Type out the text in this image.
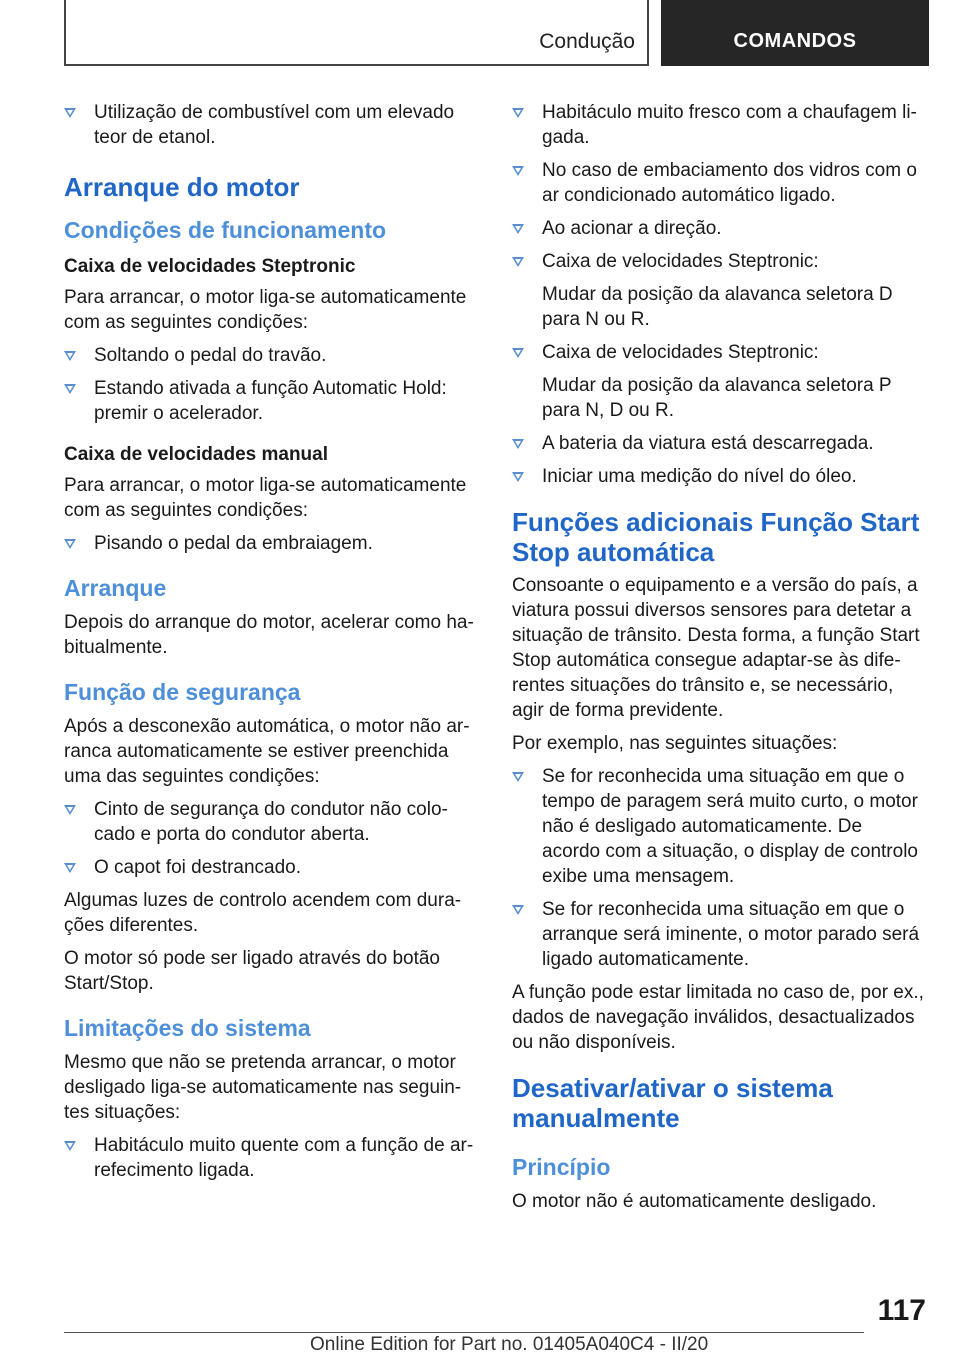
Condução	COMANDOS
Utilização de combustível com um elevado teor de etanol.
Arranque do motor
Condições de funcionamento
Caixa de velocidades Steptronic

Para arrancar, o motor liga-se automaticamente com as seguintes condições:

Soltando o pedal do travão.
Estando ativada a função Automatic Hold: premir o acelerador.
Caixa de velocidades manual

Para arrancar, o motor liga-se automaticamente com as seguintes condições:

Pisando o pedal da embraiagem.
Arranque

Depois do arranque do motor, acelerar como ha-bitualmente.

Função de segurança

Após a desconexão automática, o motor não ar-ranca automaticamente se estiver preenchida uma das seguintes condições:

Cinto de segurança do condutor não colo-cado e porta do condutor aberta.
O capot foi destrancado.

Algumas luzes de controlo acendem com dura-ções diferentes.

O motor só pode ser ligado através do botão Start/Stop.

Limitações do sistema

Mesmo que não se pretenda arrancar, o motor desligado liga-se automaticamente nas seguin-tes situações:

Habitáculo muito quente com a função de ar-refecimento ligada.
Habitáculo muito fresco com a chaufagem li-gada.
No caso de embaciamento dos vidros com o ar condicionado automático ligado.
Ao acionar a direção.
Caixa de velocidades Steptronic:
Mudar da posição da alavanca seletora D para N ou R.
Caixa de velocidades Steptronic:
Mudar da posição da alavanca seletora P para N, D ou R.
A bateria da viatura está descarregada.
Iniciar uma medição do nível do óleo.
Funções adicionais Função Start Stop automática

Consoante o equipamento e a versão do país, a viatura possui diversos sensores para detetar a situação de trânsito. Desta forma, a função Start Stop automática consegue adaptar-se às dife-rentes situações do trânsito e, se necessário, agir de forma previdente.

Por exemplo, nas seguintes situações:

Se for reconhecida uma situação em que o tempo de paragem será muito curto, o motor não é desligado automaticamente. De acordo com a situação, o display de controlo exibe uma mensagem.
Se for reconhecida uma situação em que o arranque será iminente, o motor parado será ligado automaticamente.

A função pode estar limitada no caso de, por ex., dados de navegação inválidos, desactualizados ou não disponíveis.

Desativar/ativar o sistema manualmente
Princípio

O motor não é automaticamente desligado.

117
Online Edition for Part no. 01405A040C4 - II/20
